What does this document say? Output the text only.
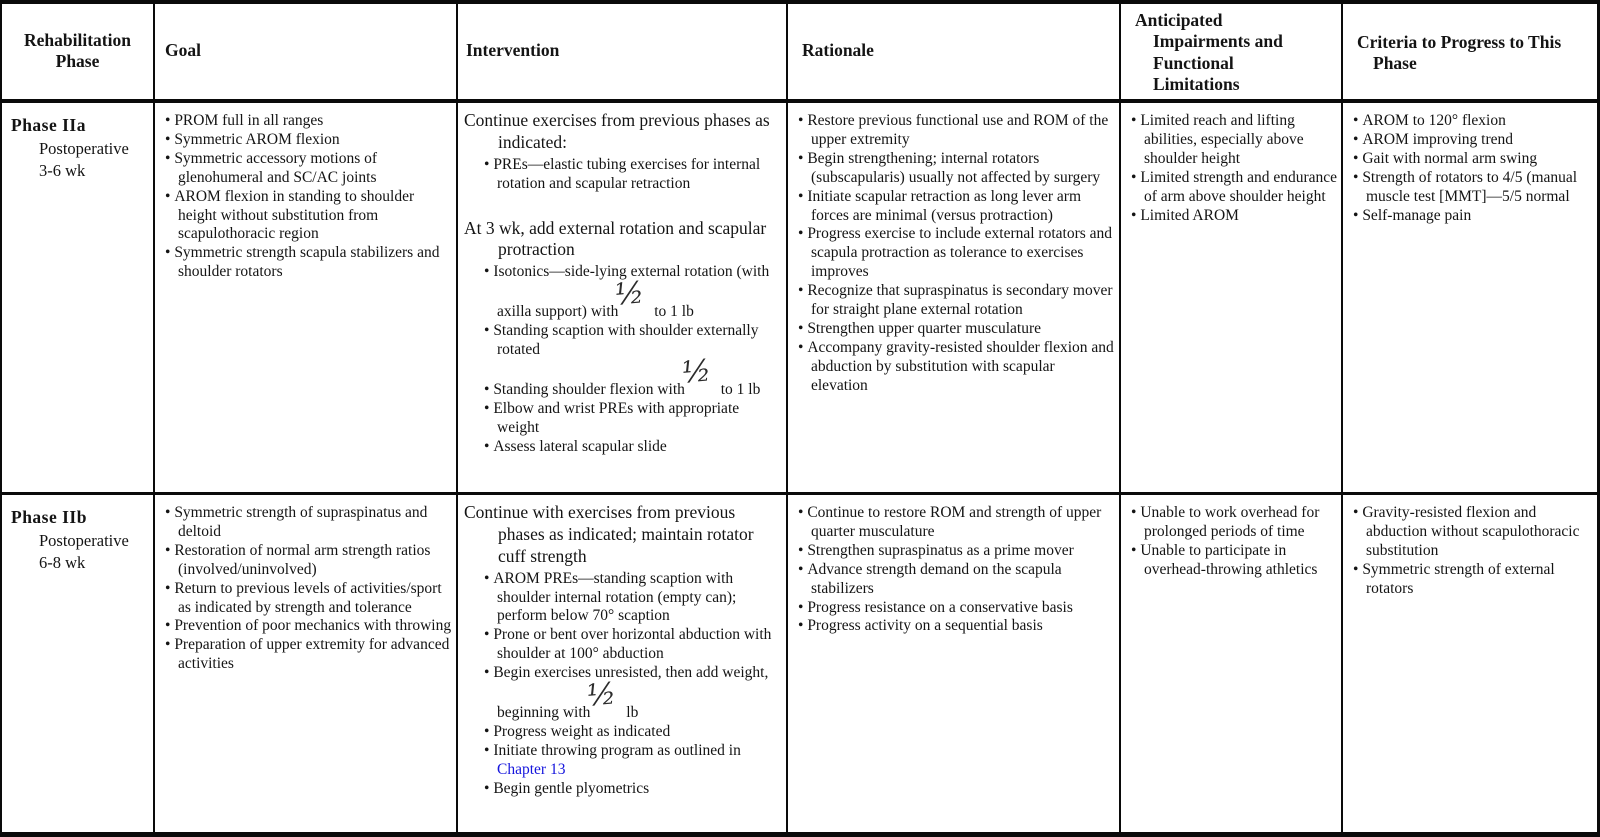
Rehabilitation
Phase
Goal	Intervention	Rationale
Anticipated
Impairments and
Functional
Limitations
Criteria to Progress to This
Phase
Phase IIa
Postoperative
3-6 wk
• PROM full in all ranges
• Symmetric AROM flexion
• Symmetric accessory motions of glenohumeral and SC/AC joints
• AROM flexion in standing to shoulder height without substitution from scapulothoracic region
• Symmetric strength scapula stabilizers and shoulder rotators

Continue exercises from previous phases as indicated:

• PREs—elastic tubing exercises for internal rotation and scapular retraction

At 3 wk, add external rotation and scapular protraction

• Isotonics—side-lying external rotation (with axilla support) with ½ to 1 lb
• Standing scaption with shoulder externally rotated
• Standing shoulder flexion with ½ to 1 lb
• Elbow and wrist PREs with appropriate weight
• Assess lateral scapular slide
• Restore previous functional use and ROM of the upper extremity
• Begin strengthening; internal rotators (subscapularis) usually not affected by surgery
• Initiate scapular retraction as long lever arm forces are minimal (versus protraction)
• Progress exercise to include external rotators and scapula protraction as tolerance to exercises improves
• Recognize that supraspinatus is secondary mover for straight plane external rotation
• Strengthen upper quarter musculature
• Accompany gravity-resisted shoulder flexion and abduction by substitution with scapular elevation
• Limited reach and lifting abilities, especially above shoulder height
• Limited strength and endurance of arm above shoulder height
• Limited AROM
• AROM to 120° flexion
• AROM improving trend
• Gait with normal arm swing
• Strength of rotators to 4/5 (manual muscle test [MMT]—5/5 normal
• Self-manage pain
Phase IIb
Postoperative
6-8 wk
• Symmetric strength of supraspinatus and deltoid
• Restoration of normal arm strength ratios (involved/uninvolved)
• Return to previous levels of activities/sport as indicated by strength and tolerance
• Prevention of poor mechanics with throwing
• Preparation of upper extremity for advanced activities

Continue with exercises from previous phases as indicated; maintain rotator cuff strength

• AROM PREs—standing scaption with shoulder internal rotation (empty can); perform below 70° scaption
• Prone or bent over horizontal abduction with shoulder at 100° abduction
• Begin exercises unresisted, then add weight, beginning with ½ lb
• Progress weight as indicated
• Initiate throwing program as outlined in Chapter 13
• Begin gentle plyometrics
• Continue to restore ROM and strength of upper quarter musculature
• Strengthen supraspinatus as a prime mover
• Advance strength demand on the scapula stabilizers
• Progress resistance on a conservative basis
• Progress activity on a sequential basis
• Unable to work overhead for prolonged periods of time
• Unable to participate in overhead-throwing athletics
• Gravity-resisted flexion and abduction without scapulothoracic substitution
• Symmetric strength of external rotators
